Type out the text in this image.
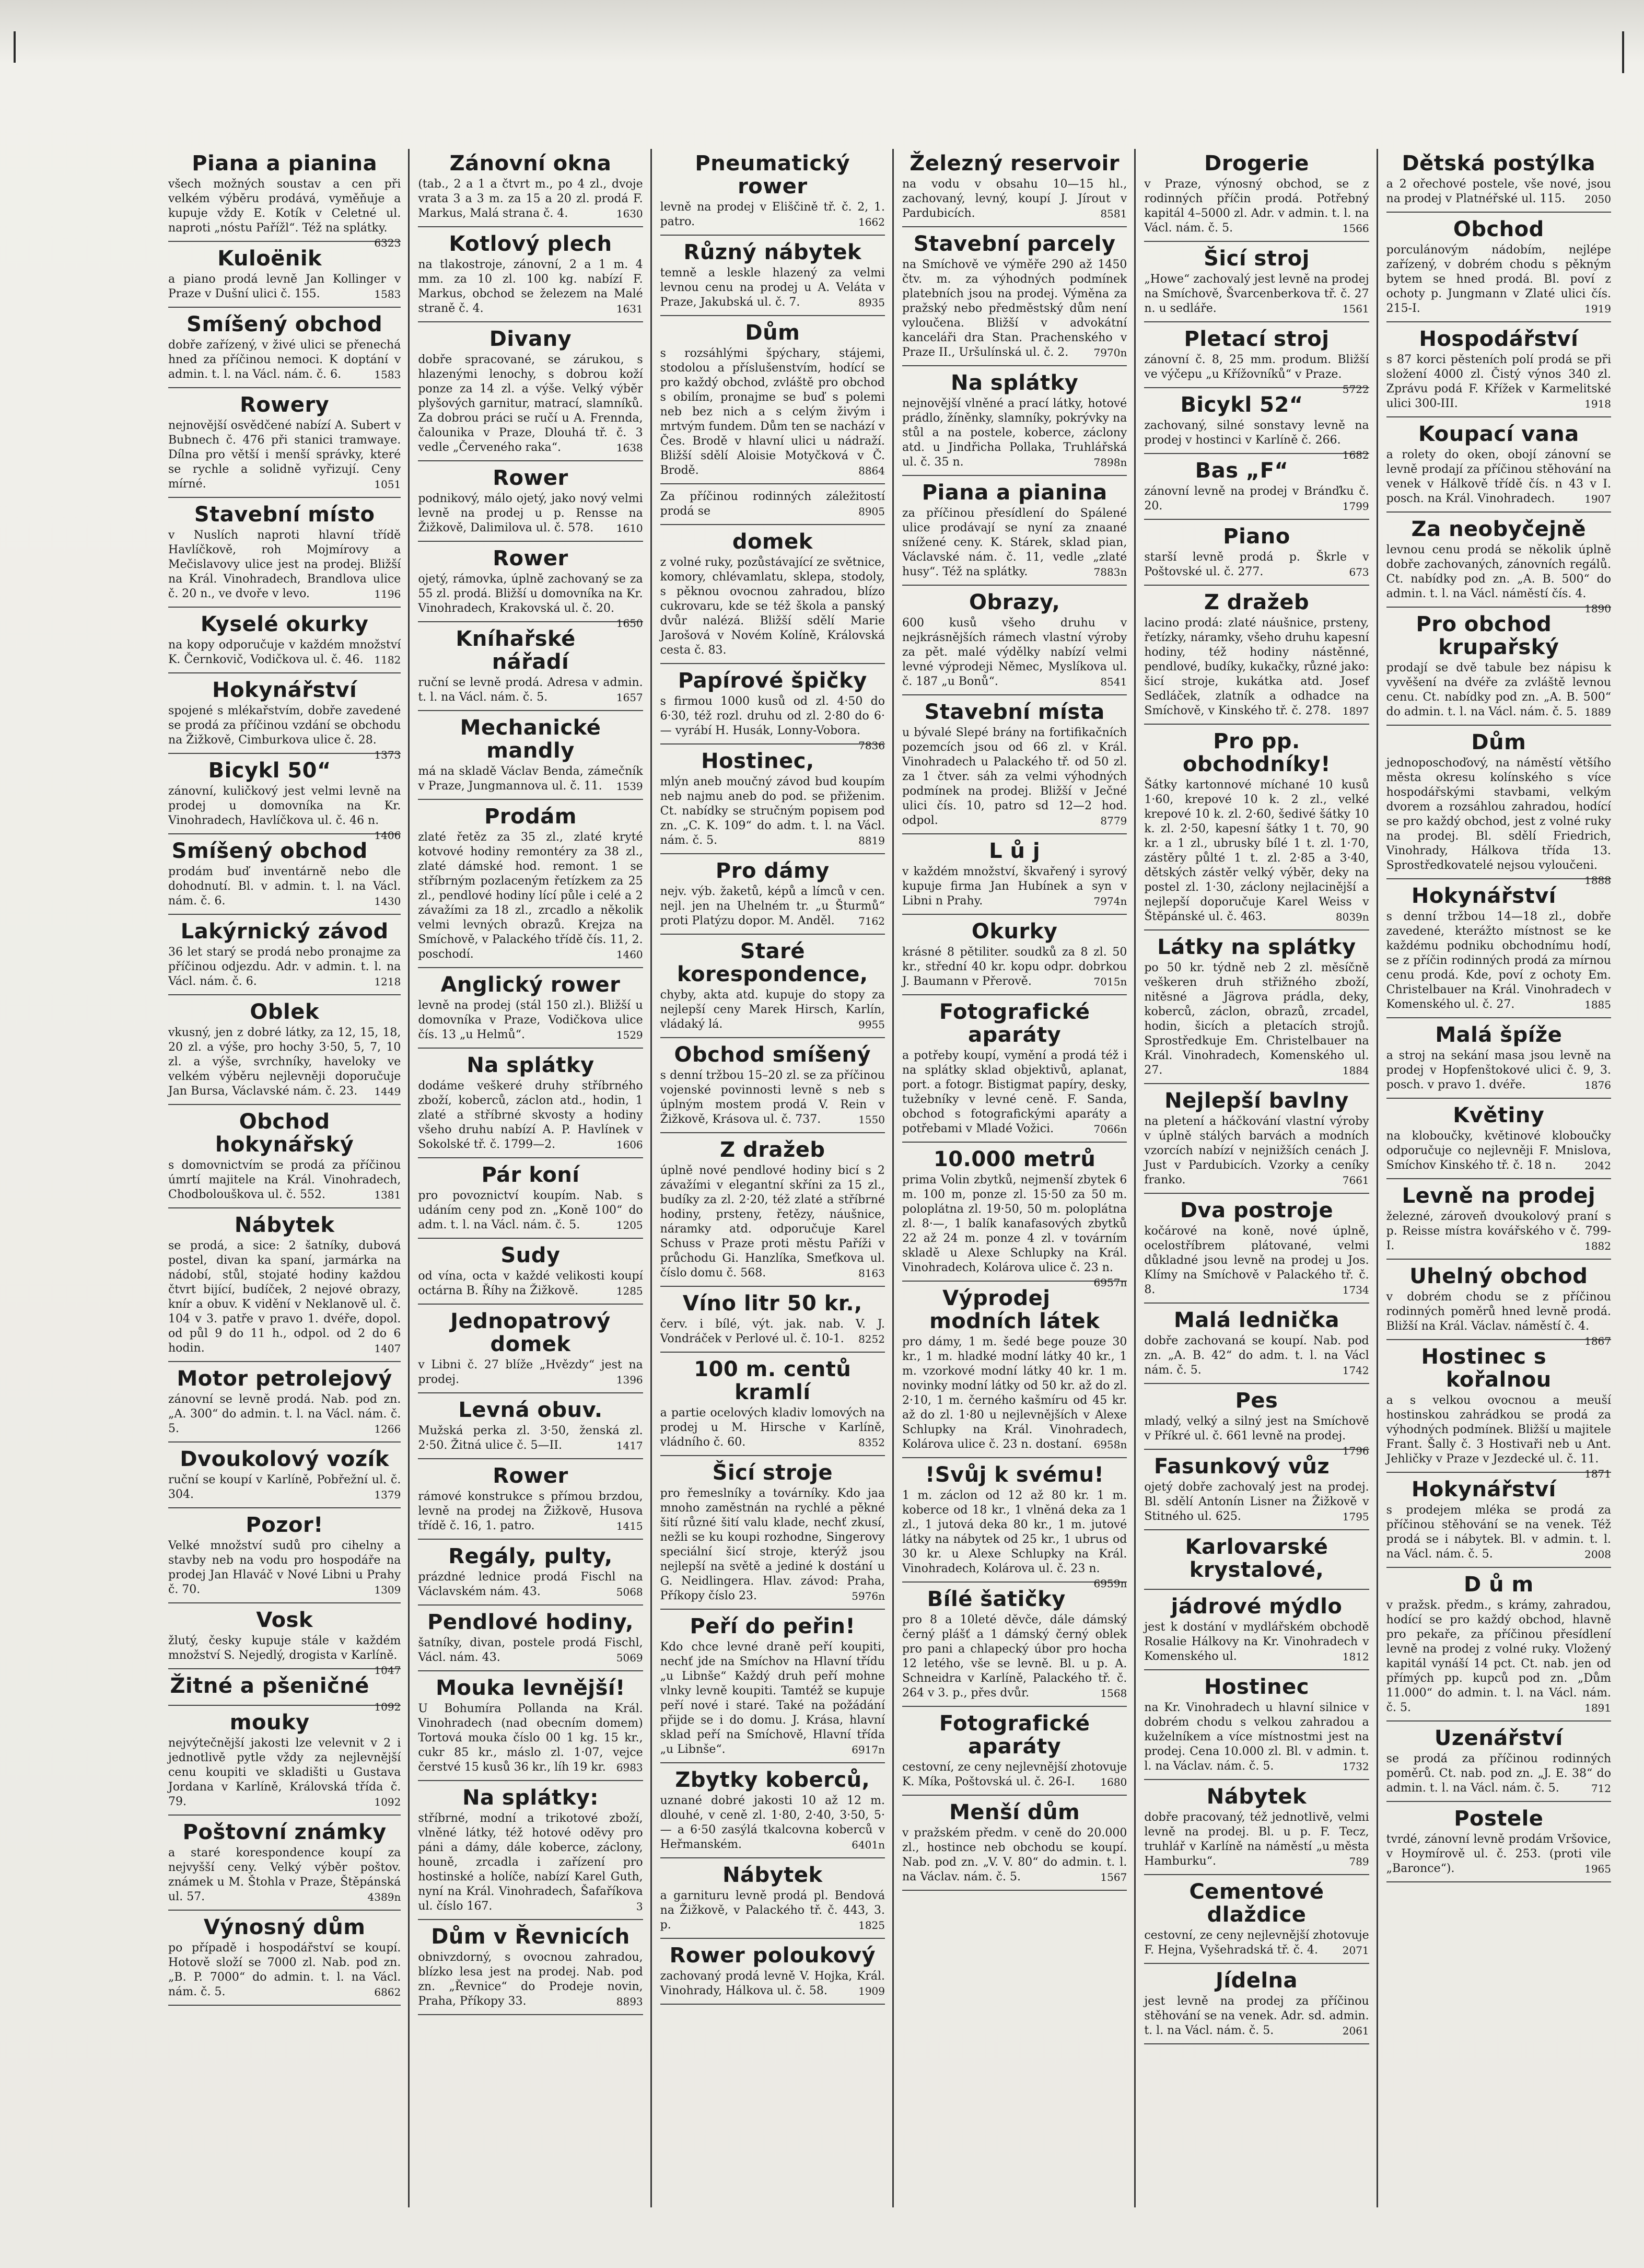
Piana a pianina
všech možných soustav a cen při velkém výběru prodává, vyměňuje a kupuje vždy E. Kotík v Celetné ul. naproti „nóstu Pařížl“. Též na splátky.
6323
Kuloënik
a piano prodá levně Jan Kollinger v Praze v Dušní ulici č. 155.	1583
Smíšený obchod
dobře zařízený, v živé ulici se přenechá hned za příčinou nemoci. K doptání v admin. t. l. na Václ. nám. č. 6.	1583
Rowery
nejnovější osvědčené nabízí A. Subert v Bubnech č. 476 při stanici tramwaye. Dílna pro větší i menší správky, které se rychle a solidně vyřizují. Ceny mírné.	1051
Stavební místo
v Nuslích naproti hlavní třídě Havlíčkově, roh Mojmírovy a Mečislavovy ulice jest na prodej. Bližší na Král. Vinohradech, Brandlova ulice č. 20 n., ve dvoře v levo.	1196
Kyselé okurky
na kopy odporučuje v každém množství K. Černkovič, Vodičkova ul. č. 46.	1182
Hokynářství
spojené s mlékařstvím, dobře zavedené se prodá za příčinou vzdání se obchodu na Žižkově, Cimburkova ulice č. 28.
1373
Bicykl 50“
zánovní, kuličkový jest velmi levně na prodej u domovníka na Kr. Vinohradech, Havlíčkova ul. č. 46 n.
1406
Smíšený obchod
prodám buď inventárně nebo dle dohodnutí. Bl. v admin. t. l. na Václ. nám. č. 6.	1430
Lakýrnický závod
36 let starý se prodá nebo pronajme za příčinou odjezdu. Adr. v admin. t. l. na Václ. nám. č. 6.	1218
Oblek
vkusný, jen z dobré látky, za 12, 15, 18, 20 zl. a výše, pro hochy 3·50, 5, 7, 10 zl. a výše, svrchníky, haveloky ve velkém výběru nejlevněji doporučuje Jan Bursa, Václavské nám. č. 23.	1449
Obchod hokynářský
s domovnictvím se prodá za příčinou úmrtí majitele na Král. Vinohradech, Chodbolouškova ul. č. 552.	1381
Nábytek
se prodá, a sice: 2 šatníky, dubová postel, divan ka spaní, jarmárka na nádobí, stůl, stojaté hodiny každou čtvrt bijící, budíček, 2 nejové obrazy, knír a obuv. K vidění v Neklanově ul. č. 104 v 3. patře v pravo 1. dvéře, dopol. od půl 9 do 11 h., odpol. od 2 do 6 hodin.	1407
Motor petrolejový
zánovní se levně prodá. Nab. pod zn. „A. 300“ do admin. t. l. na Václ. nám. č. 5.	1266
Dvoukolový vozík
ruční se koupí v Karlíně, Pobřežní ul. č. 304.	1379
Pozor!
Velké množství sudů pro cihelny a stavby neb na vodu pro hospodáře na prodej Jan Hlaváč v Nové Libni u Prahy č. 70.	1309
Vosk
žlutý, česky kupuje stále v každém množství S. Nejedlý, drogista v Karlíně.
1047
Žitné a pšeničné
1092
mouky
nejvýtečnější jakosti lze velevnit v 2 i jednotlivě pytle vždy za nejlevnější cenu koupiti ve skladišti u Gustava Jordana v Karlíně, Královská třída č. 79.	1092
Poštovní známky
a staré korespondence koupí za nejvyšší ceny. Velký výběr poštov. známek u M. Štohla v Praze, Štěpánská ul. 57.	4389n
Výnosný dům
po případě i hospodářství se koupí. Hotově složí se 7000 zl. Nab. pod zn. „B. P. 7000“ do admin. t. l. na Václ. nám. č. 5.	6862
Zánovní okna
(tab., 2 a 1 a čtvrt m., po 4 zl., dvoje vrata 3 a 3 m. za 15 a 20 zl. prodá F. Markus, Malá strana č. 4.	1630
Kotlový plech
na tlakostroje, zánovní, 2 a 1 m. 4 mm. za 10 zl. 100 kg. nabízí F. Markus, obchod se železem na Malé straně č. 4.	1631
Divany
dobře spracované, se zárukou, s hlazenými lenochy, s dobrou koží ponze za 14 zl. a výše. Velký výběr plyšových garnitur, matrací, slamníků. Za dobrou práci se ručí u A. Frennda, čalounika v Praze, Dlouhá tř. č. 3 vedle „Červeného raka“.	1638
Rower
podnikový, málo ojetý, jako nový velmi levně na prodej u p. Rensse na Žižkově, Dalimilova ul. č. 578.	1610
Rower
ojetý, rámovka, úplně zachovaný se za 55 zl. prodá. Bližší u domovníka na Kr. Vinohradech, Krakovská ul. č. 20.
1650
Kníhařské nářadí
ruční se levně prodá. Adresa v admin. t. l. na Václ. nám. č. 5.	1657
Mechanické mandly
má na skladě Václav Benda, zámečník v Praze, Jungmannova ul. č. 11.	1539
Prodám
zlaté řetěz za 35 zl., zlaté kryté kotvové hodiny remontéry za 38 zl., zlaté dámské hod. remont. 1 se stříbrným pozlaceným řetízkem za 25 zl., pendlové hodiny lící půle i celé a 2 závažími za 18 zl., zrcadlo a několik velmi levných obrazů. Krejza na Smíchově, v Palackého třídě čís. 11, 2. poschodí.	1460
Anglický rower
levně na prodej (stál 150 zl.). Bližší u domovníka v Praze, Vodičkova ulice čís. 13 „u Helmů“.	1529
Na splátky
dodáme veškeré druhy stříbrného zboží, koberců, záclon atd., hodin, 1 zlaté a stříbrné skvosty a hodiny všeho druhu nabízí A. P. Havlínek v Sokolské tř. č. 1799—2.	1606
Pár koní
pro povoznictví koupím. Nab. s udáním ceny pod zn. „Koně 100“ do adm. t. l. na Václ. nám. č. 5.	1205
Sudy
od vína, octa v každé velikosti koupí octárna B. Říhy na Žižkově.	1285
Jednopatrový domek
v Libni č. 27 blíže „Hvězdy“ jest na prodej.	1396
Levná obuv.
Mužská perka zl. 3·50, ženská zl. 2·50. Žitná ulice č. 5—II.	1417
Rower
rámové konstrukce s přímou brzdou, levně na prodej na Žižkově, Husova třídě č. 16, 1. patro.	1415
Regály, pulty,
prázdné lednice prodá Fischl na Václavském nám. 43.	5068
Pendlové hodiny,
šatníky, divan, postele prodá Fischl, Václ. nám. 43.	5069
Mouka levnější!
U Bohumíra Pollanda na Král. Vinohradech (nad obecním domem) Tortová mouka číslo 00 1 kg. 15 kr., cukr 85 kr., máslo zl. 1·07, vejce čerstvé 15 kusů 36 kr., líh 19 kr.	6983
Na splátky:
stříbrné, modní a trikotové zboží, vlněné látky, též hotové oděvy pro páni a dámy, dále koberce, záclony, houně, zrcadla i zařízení pro hostinské a holíče, nabízí Karel Guth, nyní na Král. Vinohradech, Šafaříkova ul. číslo 167.	3
Dům v Řevnicích
obnivzdorný, s ovocnou zahradou, blízko lesa jest na prodej. Nab. pod zn. „Řevnice“ do Prodeje novin, Praha, Příkopy 33.	8893
Pneumatický rower
levně na prodej v Eliščině tř. č. 2, 1. patro.	1662
Různý nábytek
temně a leskle hlazený za velmi levnou cenu na prodej u A. Veláta v Praze, Jakubská ul. č. 7.	8935
Dům
s rozsáhlými špýchary, stájemi, stodolou a příslušenstvím, hodící se pro každý obchod, zvláště pro obchod s obilím, pronajme se buď s polemi neb bez nich a s celým živým i mrtvým fundem. Dům ten se nachází v Čes. Brodě v hlavní ulici u nádraží. Bližší sdělí Aloisie Motyčková v Č. Brodě.	8864
Za příčinou rodinných záležitostí prodá se	8905
domek
z volné ruky, pozůstávající ze světnice, komory, chlévamlatu, sklepa, stodoly, s pěknou ovocnou zahradou, blízo cukrovaru, kde se též škola a panský dvůr nalézá. Bližší sdělí Marie Jarošová v Novém Kolíně, Královská cesta č. 83.
Papírové špičky
s firmou 1000 kusů od zl. 4·50 do 6·30, též rozl. druhu od zl. 2·80 do 6·— vyrábí H. Husák, Lonny-Vobora.
7836
Hostinec,
mlýn aneb moučný závod bud koupím neb najmu aneb do pod. se přiženim. Ct. nabídky se stručným popisem pod zn. „C. K. 109“ do adm. t. l. na Václ. nám. č. 5.	8819
Pro dámy
nejv. výb. žaketů, képů a límců v cen. nejl. jen na Uhelném tr. „u Šturmů“ proti Platýzu dopor. M. Anděl.	7162
Staré korespondence,
chyby, akta atd. kupuje do stopy za nejlepší ceny Marek Hirsch, Karlín, vládaký lá.	9955
Obchod smíšený
s denní tržbou 15–20 zl. se za příčinou vojenské povinnosti levně s neb s úplným mostem prodá V. Rein v Žižkově, Krásova ul. č. 737.	1550
Z dražeb
úplně nové pendlové hodiny bicí s 2 závažími v elegantní skříni za 15 zl., budíky za zl. 2·20, též zlaté a stříbrné hodiny, prsteny, řetězy, náušnice, náramky atd. odporučuje Karel Schuss v Praze proti městu Paříži v průchodu Gi. Hanzlíka, Smeťkova ul. číslo domu č. 568.	8163
Víno litr 50 kr.,
červ. i bílé, výt. jak. nab. V. J. Vondráček v Perlové ul. č. 10-1.	8252
100 m. centů kramlí
a partie ocelových kladiv lomových na prodej u M. Hirsche v Karlíně, vládního č. 60.	8352
Šicí stroje
pro řemeslníky a továrníky. Kdo jaa mnoho zaměstnán na rychlé a pěkné šití různé šití valu klade, nechť zkusí, nežli se ku koupi rozhodne, Singerovy speciální šicí stroje, kterýž jsou nejlepší na světě a jediné k dostání u G. Neidlingera. Hlav. závod: Praha, Příkopy číslo 23.	5976n
Peří do peřin!
Kdo chce levné draně peří koupiti, nechť jde na Smíchov na Hlavní třídu „u Libnše“ Každý druh peří mohne vlnky levně koupiti. Tamtéž se kupuje peří nové i staré. Také na požádání přijde se i do domu. J. Krása, hlavní sklad peří na Smíchově, Hlavní třída „u Libnše“.	6917n
Zbytky koberců,
uznané dobré jakosti 10 až 12 m. dlouhé, v ceně zl. 1·80, 2·40, 3·50, 5·— a 6·50 zasýlá tkalcovna koberců v Heřmanském.	6401n
Nábytek
a garnituru levně prodá pl. Bendová na Žižkově, v Palackého tř. č. 443, 3. p.	1825
Rower poloukový
zachovaný prodá levně V. Hojka, Král. Vinohrady, Hálkova ul. č. 58.	1909
Železný reservoir
na vodu v obsahu 10—15 hl., zachovaný, levný, koupí J. Jírout v Pardubicích.	8581
Stavební parcely
na Smíchově ve výměře 290 až 1450 čtv. m. za výhodných podmínek platebních jsou na prodej. Výměna za pražský nebo předměstský dům není vyloučena. Bližší v advokátní kanceláři dra Stan. Prachenského v Praze II., Uršulínská ul. č. 2.	7970n
Na splátky
nejnovější vlněné a prací látky, hotové prádlo, žíněnky, slamníky, pokrývky na stůl a na postele, koberce, záclony atd. u Jindřicha Pollaka, Truhlářská ul. č. 35 n.	7898n
Piana a pianina
za příčinou přesídlení do Spálené ulice prodávají se nyní za znaané snížené ceny. K. Stárek, sklad pian, Václavské nám. č. 11, vedle „zlaté husy“. Též na splátky.	7883n
Obrazy,
600 kusů všeho druhu v nejkrásnějších rámech vlastní výroby za pět. malé výdělky nabízí velmi levné výprodeji Němec, Myslíkova ul. č. 187 „u Bonů“.	8541
Stavební místa
u bývalé Slepé brány na fortifikačních pozemcích jsou od 66 zl. v Král. Vinohradech u Palackého tř. od 50 zl. za 1 čtver. sáh za velmi výhodných podmínek na prodej. Bližší v Ječné ulici čís. 10, patro sd 12—2 hod. odpol.	8779
L ů j
v každém množství, škvařený i syrový kupuje firma Jan Hubínek a syn v Libni n Prahy.	7974n
Okurky
krásné 8 pětiliter. soudků za 8 zl. 50 kr., střední 40 kr. kopu odpr. dobrkou J. Baumann v Přerově.	7015n
Fotografické aparáty
a potřeby koupí, vymění a prodá též i na splátky sklad objektivů, aplanat, port. a fotogr. Bistigmat papíry, desky, tužebníky v levné ceně. F. Sanda, obchod s fotografickými aparáty a potřebami v Mladé Vožici.	7066n
10.000 metrů
prima Volin zbytků, nejmenší zbytek 6 m. 100 m, ponze zl. 15·50 za 50 m. poloplátna zl. 19·50, 50 m. poloplátna zl. 8·—, 1 balík kanafasových zbytků 22 až 24 m. ponze 4 zl. v továrním skladě u Alexe Schlupky na Král. Vinohradech, Kolárova ulice č. 23 n.
6957n
Výprodej modních látek
pro dámy, 1 m. šedé bege pouze 30 kr., 1 m. hladké modní látky 40 kr., 1 m. vzorkové modní látky 40 kr. 1 m. novinky modní látky od 50 kr. až do zl. 2·10, 1 m. černého kašmíru od 45 kr. až do zl. 1·80 u nejlevnějších v Alexe Schlupky na Král. Vinohradech, Kolárova ulice č. 23 n. dostaní.	6958n
!Svůj k svému!
1 m. záclon od 12 až 80 kr. 1 m. koberce od 18 kr., 1 vlněná deka za 1 zl., 1 jutová deka 80 kr., 1 m. jutové látky na nábytek od 25 kr., 1 ubrus od 30 kr. u Alexe Schlupky na Král. Vinohradech, Kolárova ul. č. 23 n.
6959n
Bílé šatičky
pro 8 a 10leté děvče, dále dámský černý plášť a 1 dámský černý oblek pro pani a chlapecký úbor pro hocha 12 letého, vše se levně. Bl. u p. A. Schneidra v Karlíně, Palackého tř. č. 264 v 3. p., přes dvůr.	1568
Fotografické aparáty
cestovní, ze ceny nejlevnější zhotovuje K. Míka, Poštovská ul. č. 26-I.	1680
Menší dům
v pražském předm. v ceně do 20.000 zl., hostince neb obchodu se koupí. Nab. pod zn. „V. V. 80“ do admin. t. l. na Václav. nám. č. 5.	1567
Drogerie
v Praze, výnosný obchod, se z rodinných příčin prodá. Potřebný kapitál 4–5000 zl. Adr. v admin. t. l. na Václ. nám. č. 5.	1566
Šicí stroj
„Howe“ zachovalý jest levně na prodej na Smíchově, Švarcenberkova tř. č. 27 n. u sedláře.	1561
Pletací stroj
zánovní č. 8, 25 mm. produm. Bližší ve výčepu „u Křížovníků“ v Praze.
5722
Bicykl 52“
zachovaný, silné sonstavy levně na prodej v hostinci v Karlíně č. 266.
1682
Bas „F“
zánovní levně na prodej v Bránďku č. 20.	1799
Piano
starší levně prodá p. Škrle v Poštovské ul. č. 277.	673
Z dražeb
lacino prodá: zlaté náušnice, prsteny, řetízky, náramky, všeho druhu kapesní hodiny, též hodiny nástěnné, pendlové, budíky, kukačky, různé jako: šicí stroje, kukátka atd. Josef Sedláček, zlatník a odhadce na Smíchově, v Kinského tř. č. 278.	1897
Pro pp. obchodníky!
Šátky kartonnové míchané 10 kusů 1·60, krepové 10 k. 2 zl., velké krepové 10 k. zl. 2·60, šedivé šátky 10 k. zl. 2·50, kapesní šátky 1 t. 70, 90 kr. a 1 zl., ubrusky bílé 1 t. zl. 1·70, zástěry půlté 1 t. zl. 2·85 a 3·40, dětských zástěr velký výběr, deky na postel zl. 1·30, záclony nejlacinější a nejlepší doporučuje Karel Weiss v Štěpánské ul. č. 463.	8039n
Látky na splátky
po 50 kr. týdně neb 2 zl. měsíčně veškeren druh střižného zboží, nitěsné a Jägrova prádla, deky, koberců, záclon, obrazů, zrcadel, hodin, šicích a pletacích strojů. Sprostředkuje Em. Christelbauer na Král. Vinohradech, Komenského ul. 27.	1884
Nejlepší bavlny
na pletení a háčkování vlastní výroby v úplně stálých barvách a modních vzorcích nabízí v nejnižších cenách J. Just v Pardubicích. Vzorky a ceníky franko.	7661
Dva postroje
kočárové na koně, nové úplně, ocelostříbrem plátované, velmi důkladné jsou levně na prodej u Jos. Klímy na Smíchově v Palackého tř. č. 8.	1734
Malá lednička
dobře zachovaná se koupí. Nab. pod zn. „A. B. 42“ do adm. t. l. na Václ nám. č. 5.	1742
Pes
mladý, velký a silný jest na Smíchově v Příkré ul. č. 661 levně na prodej.
1796
Fasunkový vůz
ojetý dobře zachovalý jest na prodej. Bl. sdělí Antonín Lisner na Žižkově v Stitného ul. 625.	1795
Karlovarské krystalové,
jádrové mýdlo
jest k dostání v mydlářském obchodě Rosalie Hálkovy na Kr. Vinohradech v Komenského ul.	1812
Hostinec
na Kr. Vinohradech u hlavní silnice v dobrém chodu s velkou zahradou a kuželníkem a více místnostmi jest na prodej. Cena 10.000 zl. Bl. v admin. t. l. na Václav. nám. č. 5.	1732
Nábytek
dobře pracovaný, též jednotlivě, velmi levně na prodej. Bl. u p. F. Tecz, truhlář v Karlíně na náměstí „u města Hamburku“.	789
Cementové dlaždice
cestovní, ze ceny nejlevnější zhotovuje F. Hejna, Vyšehradská tř. č. 4.	2071
Jídelna
jest levně na prodej za příčinou stěhování se na venek. Adr. sd. admin. t. l. na Václ. nám. č. 5.	2061
Dětská postýlka
a 2 ořechové postele, vše nové, jsou na prodej v Platnéřské ul. 115.	2050
Obchod
porculánovým nádobím, nejlépe zařízený, v dobrém chodu s pěkným bytem se hned prodá. Bl. poví z ochoty p. Jungmann v Zlaté ulici čís. 215-I.	1919
Hospodářství
s 87 korci pěsteních polí prodá se při složení 4000 zl. Čistý výnos 340 zl. Zprávu podá F. Křížek v Karmelitské ulici 300-III.	1918
Koupací vana
a rolety do oken, obojí zánovní se levně prodají za příčinou stěhování na venek v Hálkově třídě čís. n 43 v I. posch. na Král. Vinohradech.	1907
Za neobyčejně
levnou cenu prodá se několik úplně dobře zachovaných, zánovních regálů. Ct. nabídky pod zn. „A. B. 500“ do admin. t. l. na Václ. náměstí čís. 4.
1890
Pro obchod krupařský
prodají se dvě tabule bez nápisu k vyvěšení na dvéře za zvláště levnou cenu. Ct. nabídky pod zn. „A. B. 500“ do admin. t. l. na Václ. nám. č. 5. 1889
Dům
jednoposchoďový, na náměstí většího města okresu kolínského s více hospodářskými stavbami, velkým dvorem a rozsáhlou zahradou, hodící se pro každý obchod, jest z volné ruky na prodej. Bl. sdělí Friedrich, Vinohrady, Hálkova třída 13. Sprostředkovatelé nejsou vyloučeni.
1888
Hokynářství
s denní tržbou 14—18 zl., dobře zavedené, kterážto místnost se ke každému podniku obchodnímu hodí, se z příčin rodinných prodá za mírnou cenu prodá. Kde, poví z ochoty Em. Christelbauer na Král. Vinohradech v Komenského ul. č. 27.	1885
Malá špíže
a stroj na sekání masa jsou levně na prodej v Hopfenštokové ulici č. 9, 3. posch. v pravo 1. dvéře.	1876
Květiny
na kloboučky, květinové kloboučky odporučuje co nejlevněji F. Mnislova, Smíchov Kinského tř. č. 18 n.	2042
Levně na prodej
železné, zároveň dvoukolový praní s p. Reisse místra kovářského v č. 799-I.	1882
Uhelný obchod
v dobrém chodu se z příčinou rodinných poměrů hned levně prodá. Bližší na Král. Václav. náměstí č. 4.
1867
Hostinec s kořalnou
a s velkou ovocnou a meuší hostinskou zahrádkou se prodá za výhodných podmínek. Bližší u majitele Frant. Šally č. 3 Hostivaři neb u Ant. Jehličky v Praze v Jezdecké ul. č. 11.
1871
Hokynářství
s prodejem mléka se prodá za příčinou stěhování se na venek. Též prodá se i nábytek. Bl. v admin. t. l. na Václ. nám. č. 5.	2008
D ů m
v pražsk. předm., s krámy, zahradou, hodící se pro každý obchod, hlavně pro pekaře, za příčinou přesídlení levně na prodej z volné ruky. Vložený kapitál vynáší 14 pct. Ct. nab. jen od přímých pp. kupců pod zn. „Dům 11.000“ do admin. t. l. na Václ. nám. č. 5.	1891
Uzenářství
se prodá za příčinou rodinných poměrů. Ct. nab. pod zn. „J. E. 38“ do admin. t. l. na Václ. nám. č. 5.	712
Postele
tvrdé, zánovní levně prodám Vršovice, v Hoymírově ul. č. 253. (proti vile „Baronce“).	1965
